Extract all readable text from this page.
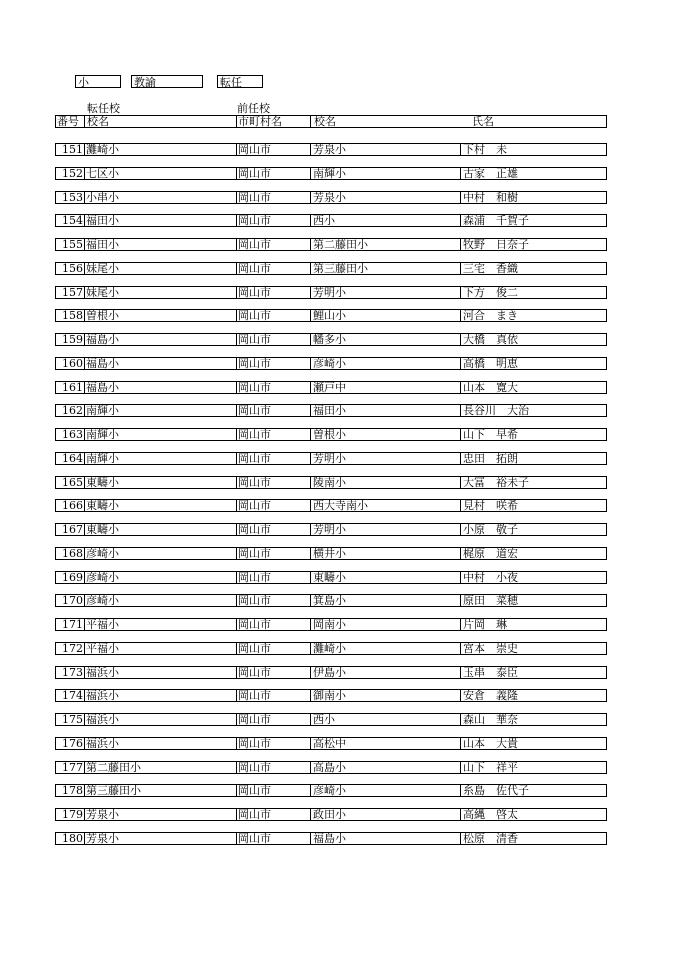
小	教諭	転任
転任校	前任校
番号 校名	市町村名	校名	氏名
151 灘崎小	岡山市	芳泉小	下村　未
152 七区小	岡山市	南輝小	古家　正雄
153 小串小	岡山市	芳泉小	中村　和樹
154 福田小	岡山市	西小	森浦　千賀子
155 福田小	岡山市	第二藤田小	牧野　日奈子
156 妹尾小	岡山市	第三藤田小	三宅　香織
157 妹尾小	岡山市	芳明小	下方　俊二
158 曽根小	岡山市	鯉山小	河合　まき
159 福島小	岡山市	幡多小	大橋　真依
160 福島小	岡山市	彦崎小	高橋　明恵
161 福島小	岡山市	瀬戸中	山本　寛大
162 南輝小	岡山市	福田小	長谷川　大治
163 南輝小	岡山市	曽根小	山下　早希
164 南輝小	岡山市	芳明小	忠田　拓朗
165 東疇小	岡山市	陵南小	大冨　裕未子
166 東疇小	岡山市	西大寺南小	見村　咲希
167 東疇小	岡山市	芳明小	小原　敬子
168 彦崎小	岡山市	横井小	梶原　道宏
169 彦崎小	岡山市	東疇小	中村　小夜
170 彦崎小	岡山市	箕島小	原田　菜穂
171 平福小	岡山市	岡南小	片岡　琳
172 平福小	岡山市	灘崎小	宮本　崇史
173 福浜小	岡山市	伊島小	玉串　泰臣
174 福浜小	岡山市	御南小	安倉　義隆
175 福浜小	岡山市	西小	森山　華奈
176 福浜小	岡山市	高松中	山本　大貴
177 第二藤田小	岡山市	高島小	山下　祥平
178 第三藤田小	岡山市	彦崎小	糸島　佐代子
179 芳泉小	岡山市	政田小	高縄　啓太
180 芳泉小	岡山市	福島小	松原　清香
